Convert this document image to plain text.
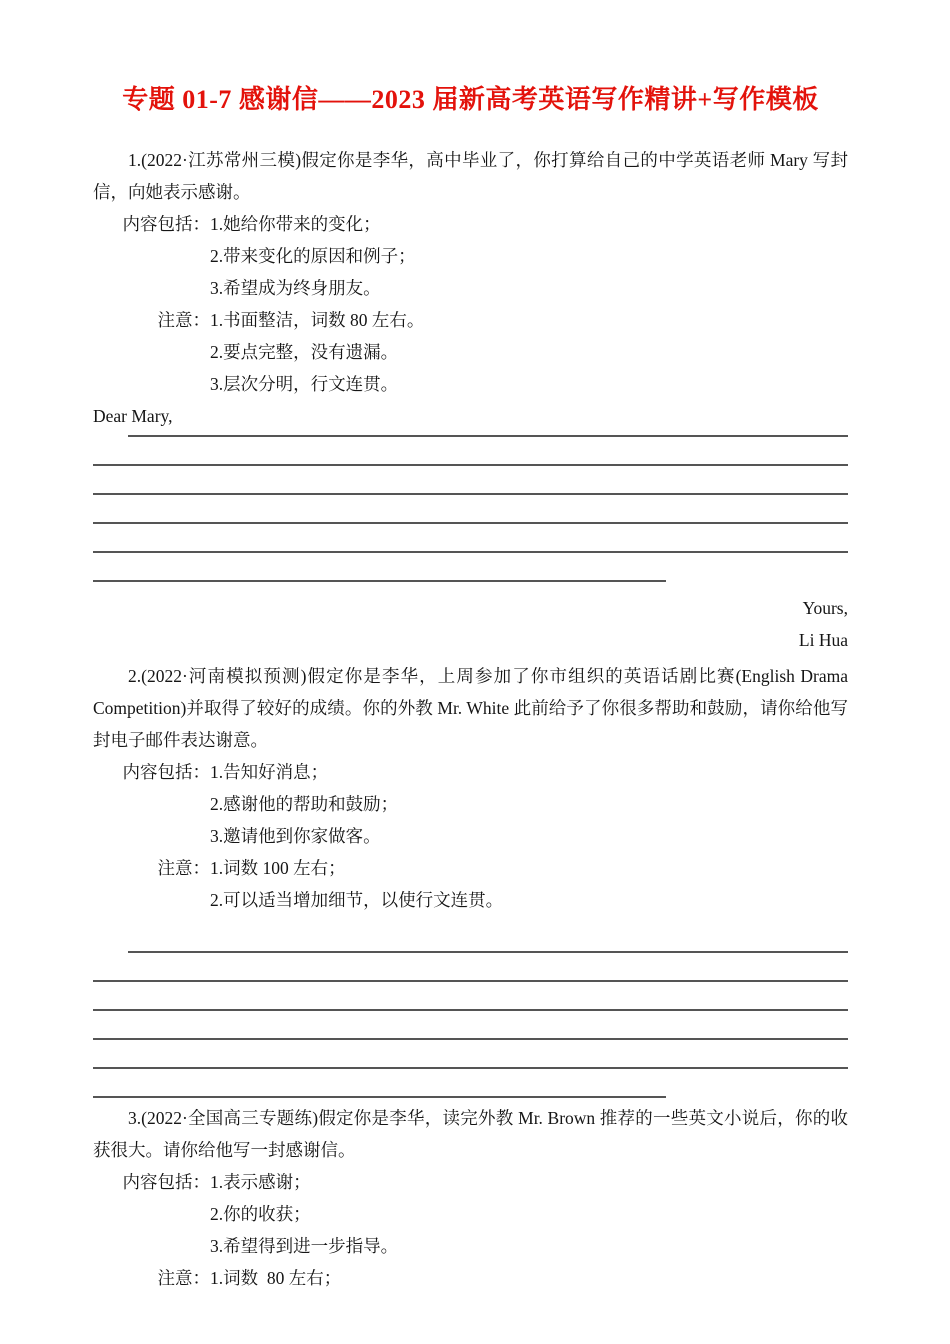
专题 01-7 感谢信——2023 届新高考英语写作精讲+写作模板

1.(2022·江苏常州三模)假定你是李华，高中毕业了，你打算给自己的中学英语老师 Mary 写封信，向她表示感谢。

内容包括： 1.她给你带来的变化；
2.带来变化的原因和例子；
3.希望成为终身朋友。
注意： 1.书面整洁，词数 80 左右。
2.要点完整，没有遗漏。
3.层次分明，行文连贯。

Dear Mary,

Yours,

Li Hua

2.(2022·河南模拟预测)假定你是李华，上周参加了你市组织的英语话剧比赛(English Drama Competition)并取得了较好的成绩。你的外教 Mr. White 此前给予了你很多帮助和鼓励，请你给他写封电子邮件表达谢意。

内容包括： 1.告知好消息；
2.感谢他的帮助和鼓励；
3.邀请他到你家做客。
注意： 1.词数 100 左右；
2.可以适当增加细节，以使行文连贯。

3.(2022·全国高三专题练)假定你是李华，读完外教 Mr. Brown 推荐的一些英文小说后，你的收获很大。请你给他写一封感谢信。

内容包括： 1.表示感谢；
2.你的收获；
3.希望得到进一步指导。
注意： 1.词数  80 左右；
